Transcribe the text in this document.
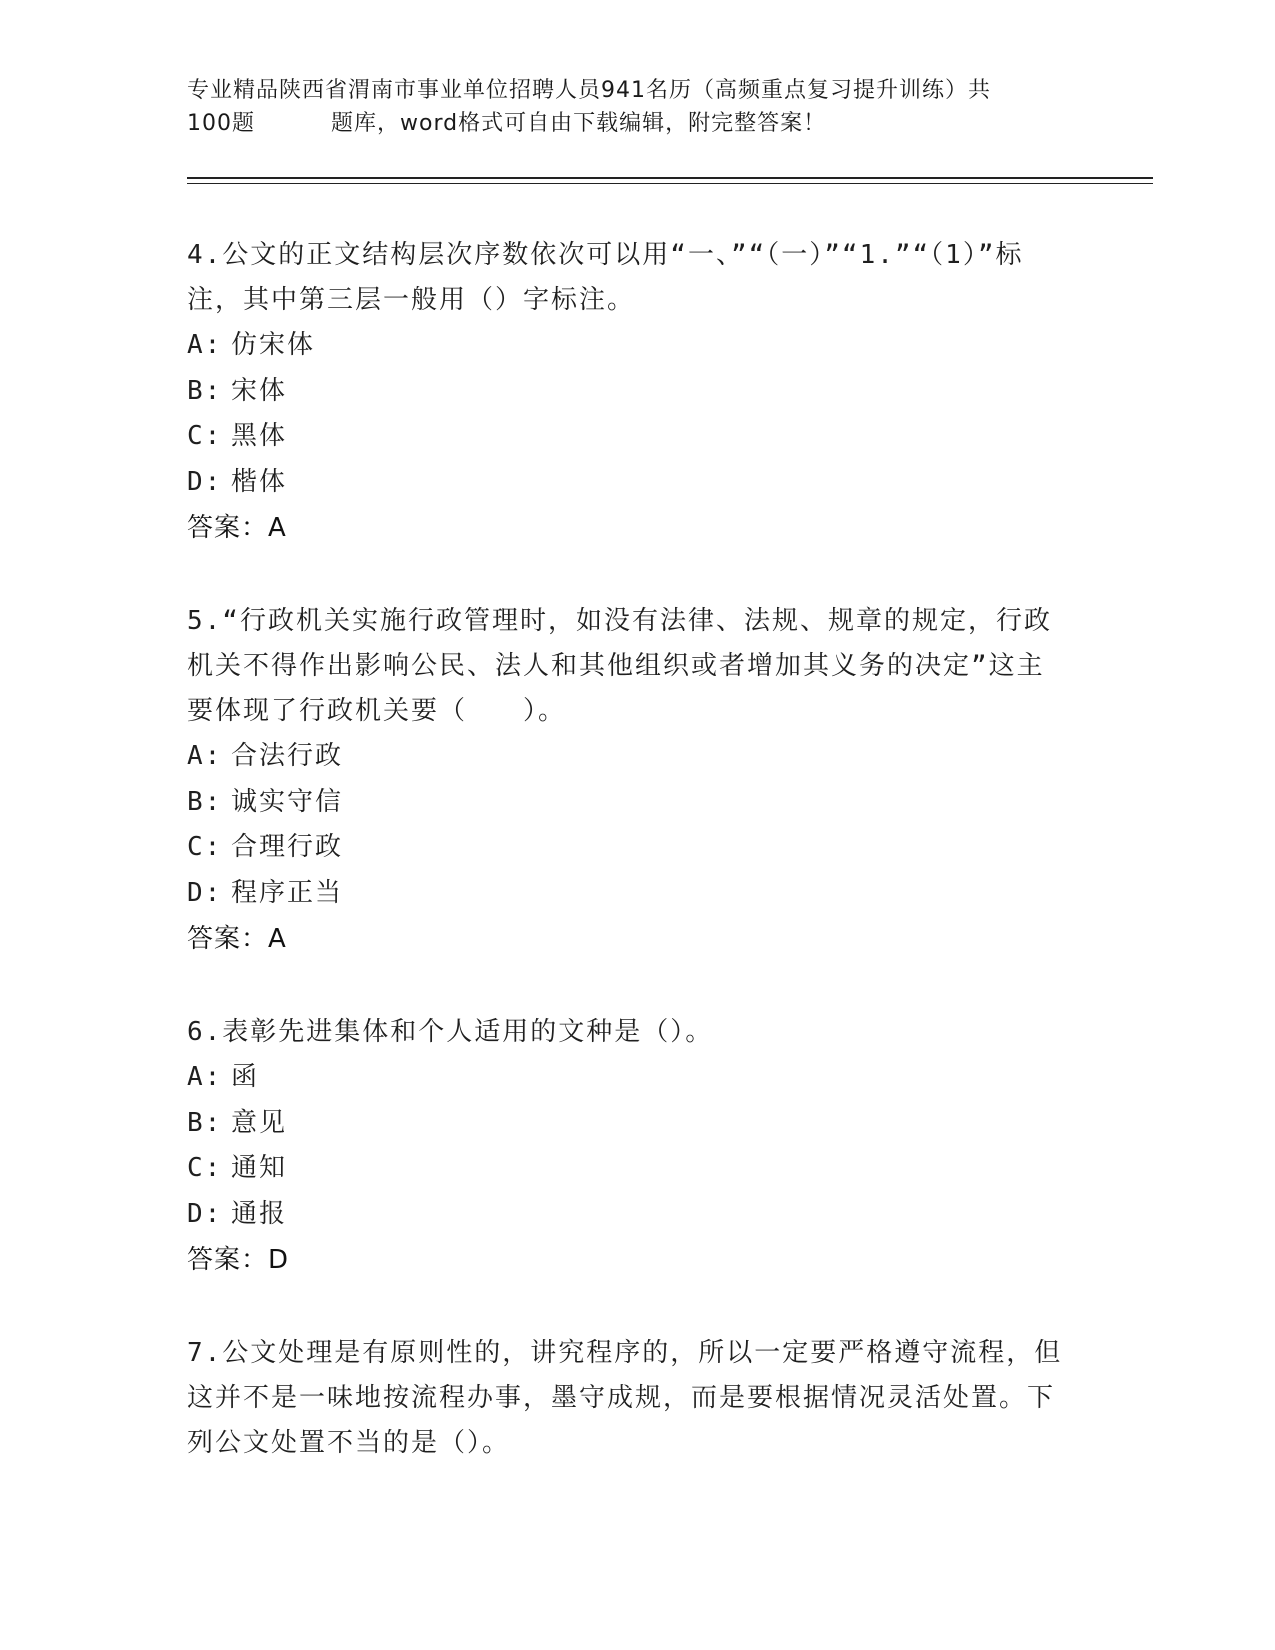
专业精品陕西省渭南市事业单位招聘人员941名历（高频重点复习提升训练）共
100题	题库，word格式可自由下载编辑，附完整答案！

4.公文的正文结构层次序数依次可以用“一、”“（一）”“1.”“（1）”标注，其中第三层一般用（）字标注。

A: 仿宋体
B: 宋体
C: 黑体
D: 楷体
答案：A

5.“行政机关实施行政管理时，如没有法律、法规、规章的规定，行政机关不得作出影响公民、法人和其他组织或者增加其义务的决定”这主要体现了行政机关要（　　）。

A: 合法行政
B: 诚实守信
C: 合理行政
D: 程序正当
答案：A

6.表彰先进集体和个人适用的文种是（）。

A: 函
B: 意见
C: 通知
D: 通报
答案：D

7.公文处理是有原则性的，讲究程序的，所以一定要严格遵守流程，但这并不是一味地按流程办事，墨守成规，而是要根据情况灵活处置。下列公文处置不当的是（）。
